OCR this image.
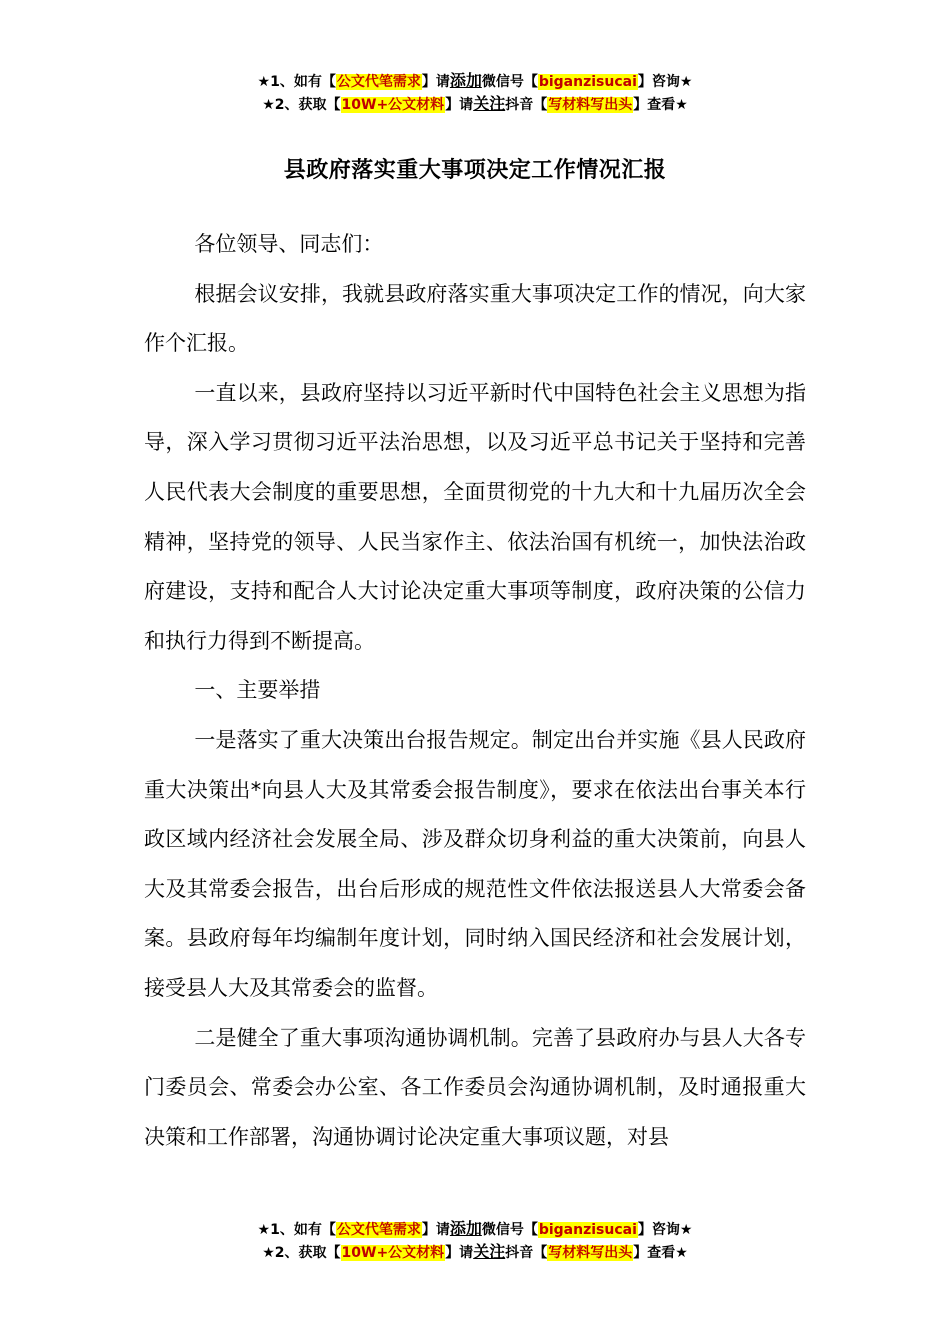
★1、如有【公文代笔需求】请添加微信号【biganzisucai】咨询★
★2、获取【10W+公文材料】请关注抖音【写材料写出头】查看★
县政府落实重大事项决定工作情况汇报

各位领导、同志们：

根据会议安排，我就县政府落实重大事项决定工作的情况，向大家作个汇报。

一直以来，县政府坚持以习近平新时代中国特色社会主义思想为指导，深入学习贯彻习近平法治思想，以及习近平总书记关于坚持和完善人民代表大会制度的重要思想，全面贯彻党的十九大和十九届历次全会精神，坚持党的领导、人民当家作主、依法治国有机统一，加快法治政府建设，支持和配合人大讨论决定重大事项等制度，政府决策的公信力和执行力得到不断提高。

一、主要举措

一是落实了重大决策出台报告规定。制定出台并实施《县人民政府重大决策出*向县人大及其常委会报告制度》，要求在依法出台事关本行政区域内经济社会发展全局、涉及群众切身利益的重大决策前，向县人大及其常委会报告，出台后形成的规范性文件依法报送县人大常委会备案。县政府每年均编制年度计划，同时纳入国民经济和社会发展计划，接受县人大及其常委会的监督。

二是健全了重大事项沟通协调机制。完善了县政府办与县人大各专门委员会、常委会办公室、各工作委员会沟通协调机制，及时通报重大决策和工作部署，沟通协调讨论决定重大事项议题，对县

★1、如有【公文代笔需求】请添加微信号【biganzisucai】咨询★
★2、获取【10W+公文材料】请关注抖音【写材料写出头】查看★
